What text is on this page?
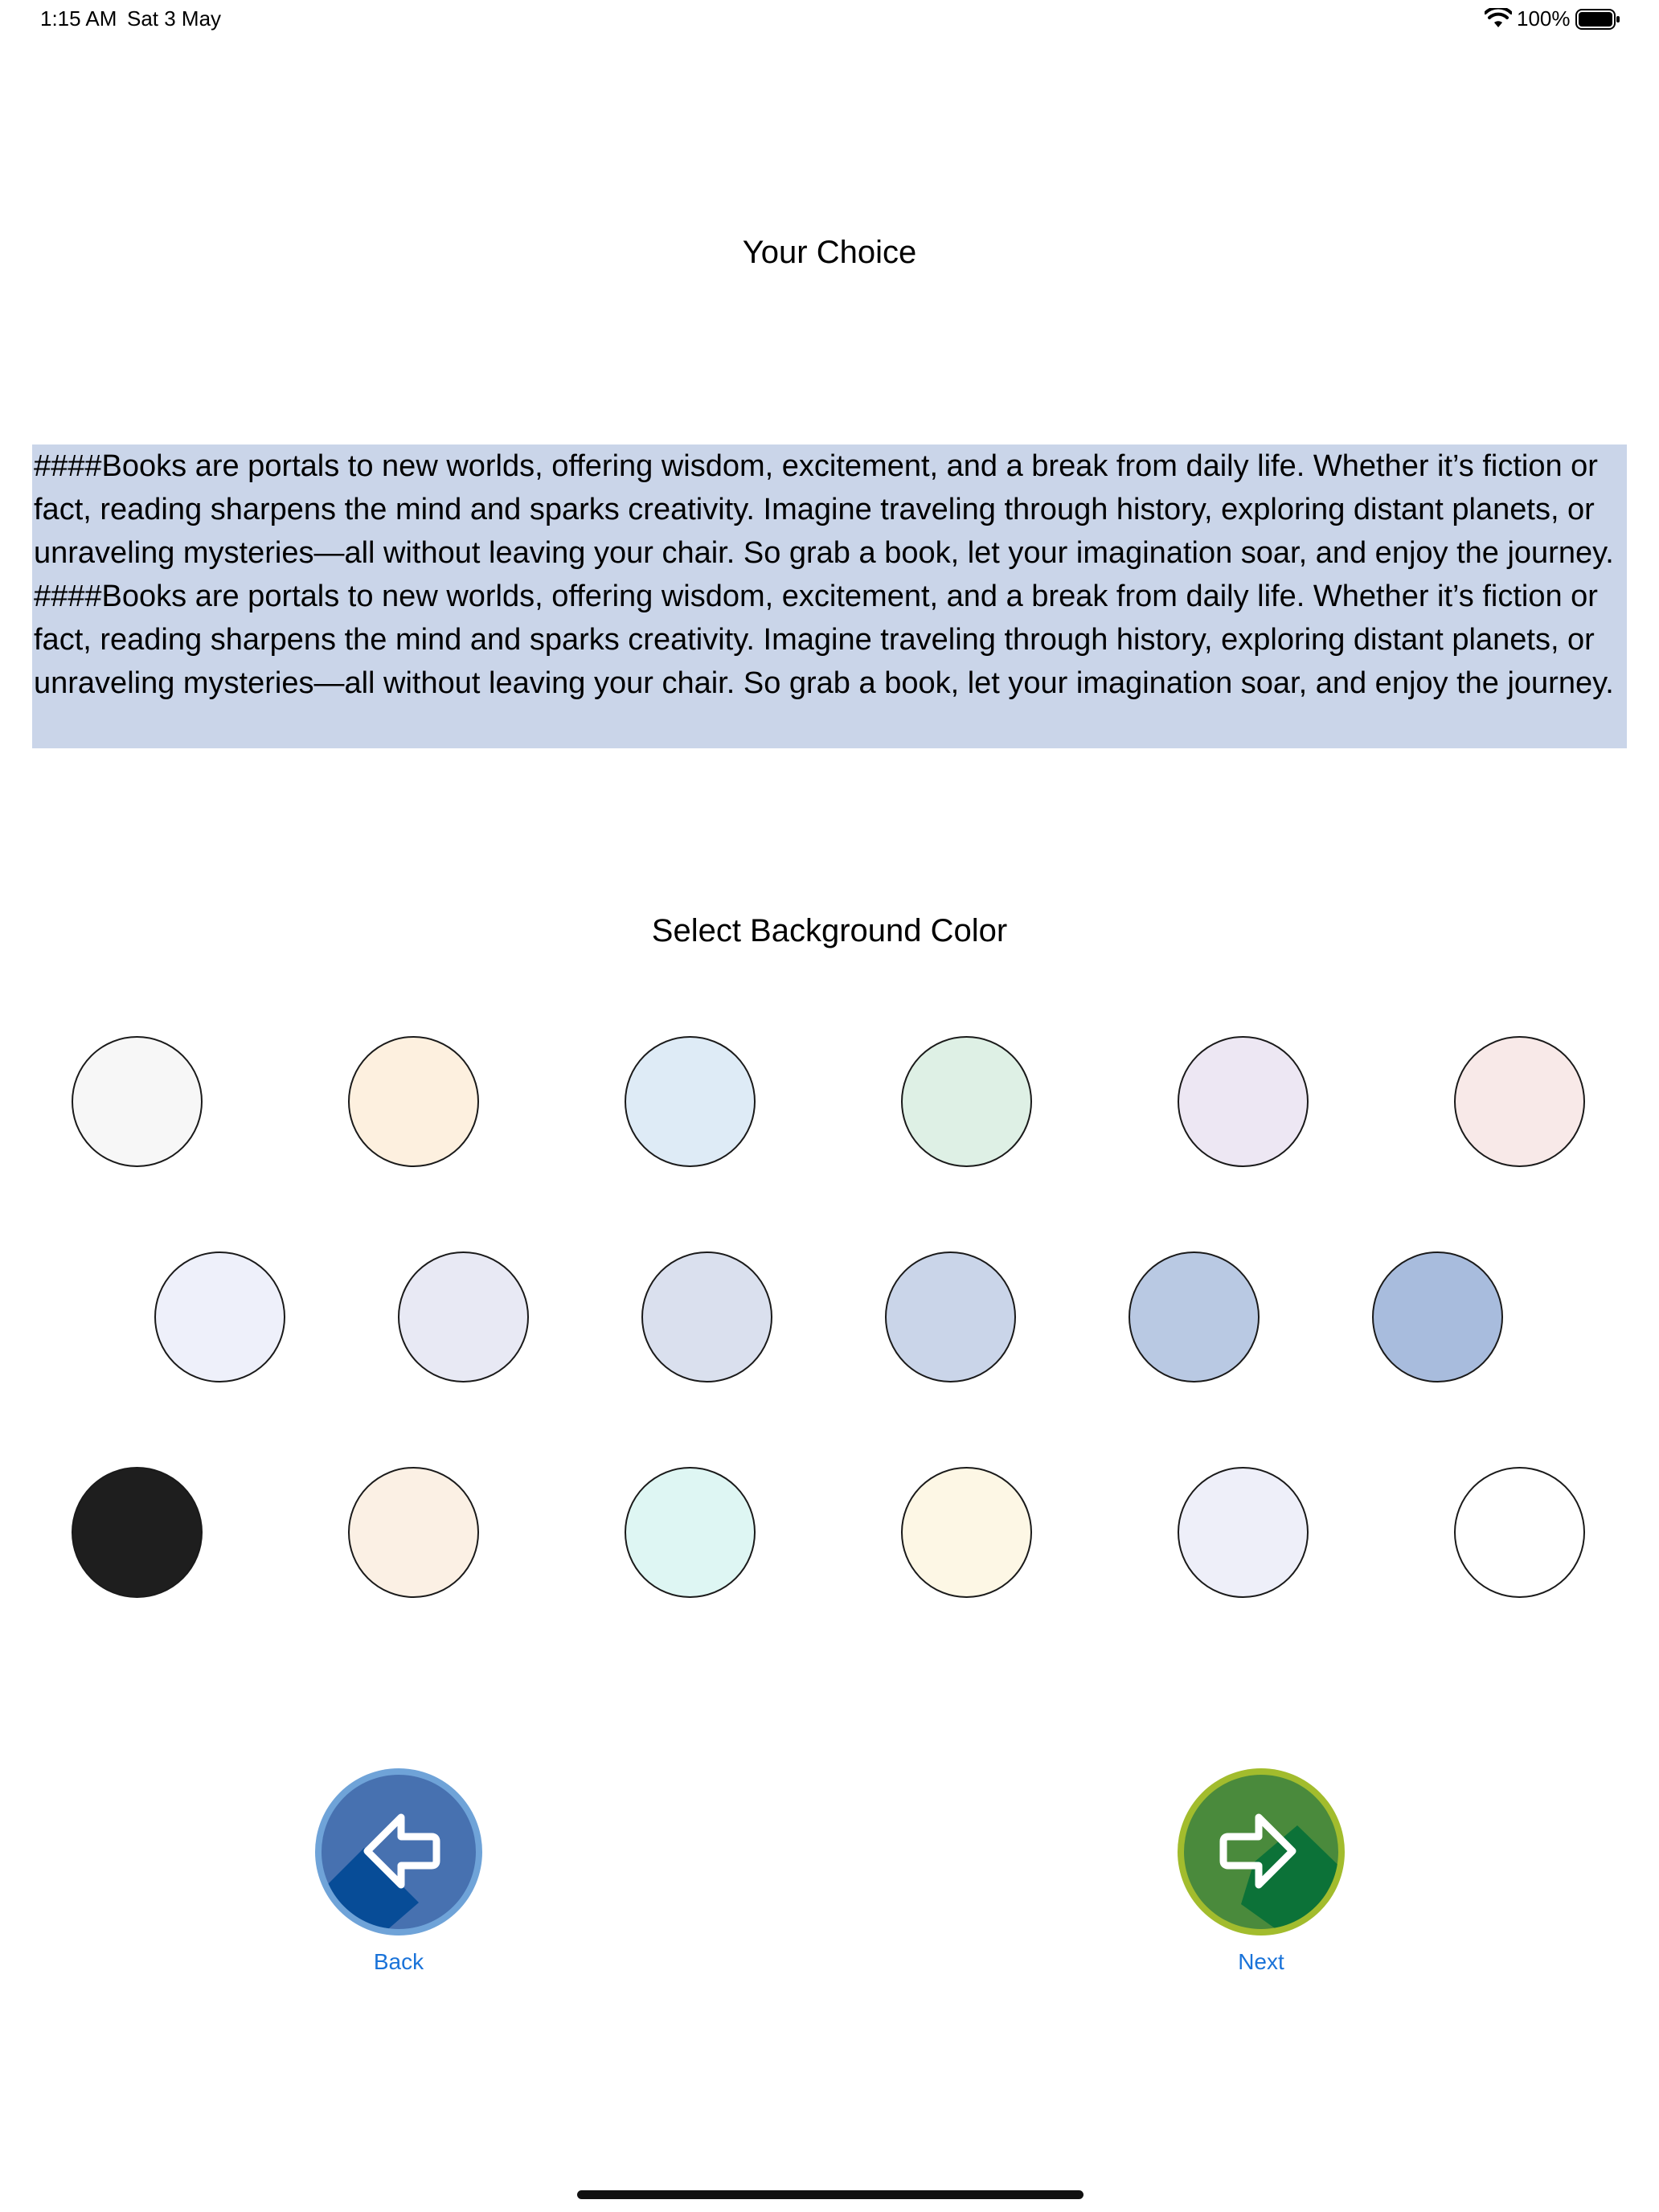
1:15 AM Sat 3 May	100%
Your Choice
####Books are portals to new worlds, offering wisdom, excitement, and a break from daily life. Whether it’s fiction or fact, reading sharpens the mind and sparks creativity. Imagine traveling through history, exploring distant planets, or unraveling mysteries—all without leaving your chair. So grab a book, let your imagination soar, and enjoy the journey. ####Books are portals to new worlds, offering wisdom, excitement, and a break from daily life. Whether it’s fiction or fact, reading sharpens the mind and sparks creativity. Imagine traveling through history, exploring distant planets, or unraveling mysteries—all without leaving your chair. So grab a book, let your imagination soar, and enjoy the journey.
Select Background Color
Back	Next
